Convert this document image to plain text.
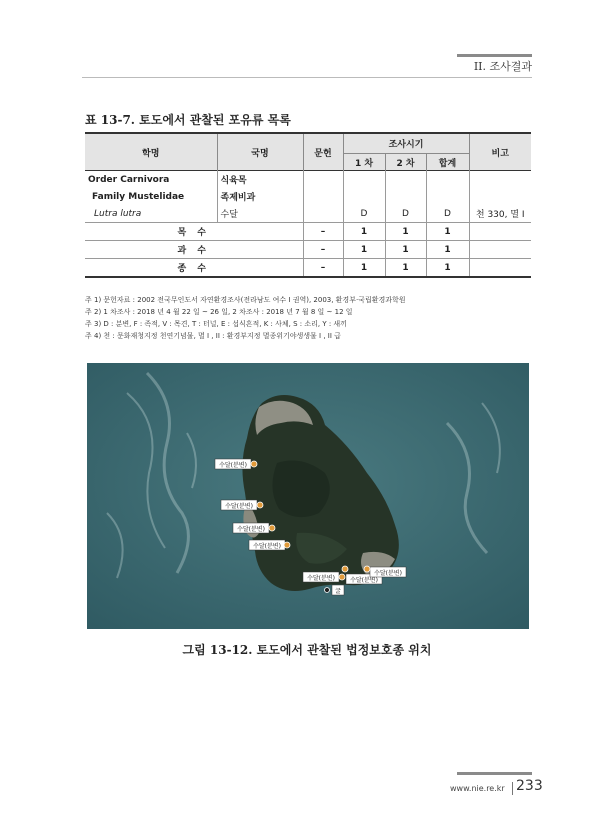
II. 조사결과
표 13-7. 토도에서 관찰된 포유류 목록
학명	국명	문헌	조사시기			비고
			1 차	2 차	합계	
Order Carnivora	식육목					
Family Mustelidae	족제비과					
Lutra lutra	수달		D	D	D	천 330, 멸 I
목 수		–	1	1	1	
과 수		–	1	1	1	
종 수		–	1	1	1	
주 1) 문헌자료 : 2002 전국무인도서 자연환경조사(전라남도 여수 I 권역), 2003, 환경부·국립환경과학원
주 2) 1 차조사 : 2018 년 4 월 22 일 ~ 26 일, 2 차조사 : 2018 년 7 월 8 일 ~ 12 일
주 3) D : 분변, F : 족적, V : 목견, T : 터널, E : 섭식흔적, K : 사체, S : 소리, Y : 새끼
주 4) 천 : 문화재청지정 천연기념물, 멸 I , II : 환경부지정 멸종위기야생생물 I , II 급
수달(분변)
수달(분변)
수달(분변)
수달(분변)
수달(분변)	수달(분변)
수달(분변)
굴
그림 13-12. 토도에서 관찰된 법정보호종 위치
www.nie.re.kr 233
